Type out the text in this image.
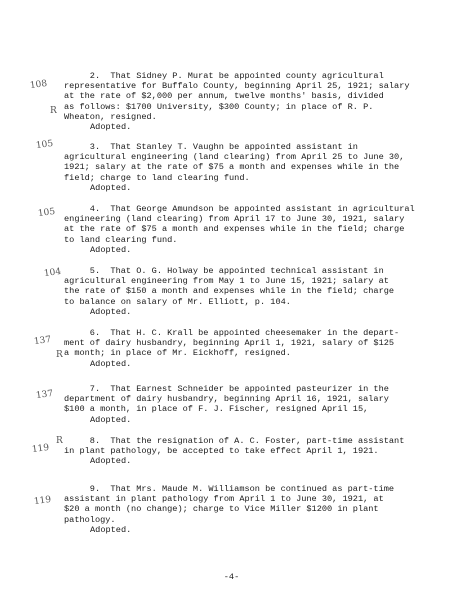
2.  That Sidney P. Murat be appointed county agricultural
representative for Buffalo County, beginning April 25, 1921; salary
at the rate of $2,000 per annum, twelve months' basis, divided
as follows: $1700 University, $300 County; in place of R. P.
Wheaton, resigned.
Adopted.
108
R
3.  That Stanley T. Vaughn be appointed assistant in
agricultural engineering (land clearing) from April 25 to June 30,
1921; salary at the rate of $75 a month and expenses while in the
field; charge to land clearing fund.
Adopted.
105
4.  That George Amundson be appointed assistant in agricultural
engineering (land clearing) from April 17 to June 30, 1921, salary
at the rate of $75 a month and expenses while in the field; charge
to land clearing fund.
Adopted.
105
5.  That O. G. Holway be appointed technical assistant in
agricultural engineering from May 1 to June 15, 1921; salary at
the rate of $150 a month and expenses while in the field; charge
to balance on salary of Mr. Elliott, p. 104.
Adopted.
104
6.  That H. C. Krall be appointed cheesemaker in the depart-
ment of dairy husbandry, beginning April 1, 1921, salary of $125
a month; in place of Mr. Eickhoff, resigned.
Adopted.
137
R
7.  That Earnest Schneider be appointed pasteurizer in the
department of dairy husbandry, beginning April 16, 1921, salary
$100 a month, in place of F. J. Fischer, resigned April 15,
Adopted.
137
8.  That the resignation of A. C. Foster, part-time assistant
in plant pathology, be accepted to take effect April 1, 1921.
Adopted.
119
R
9.  That Mrs. Maude M. Williamson be continued as part-time
assistant in plant pathology from April 1 to June 30, 1921, at
$20 a month (no change); charge to Vice Miller $1200 in plant
pathology.
Adopted.
119
-4-
